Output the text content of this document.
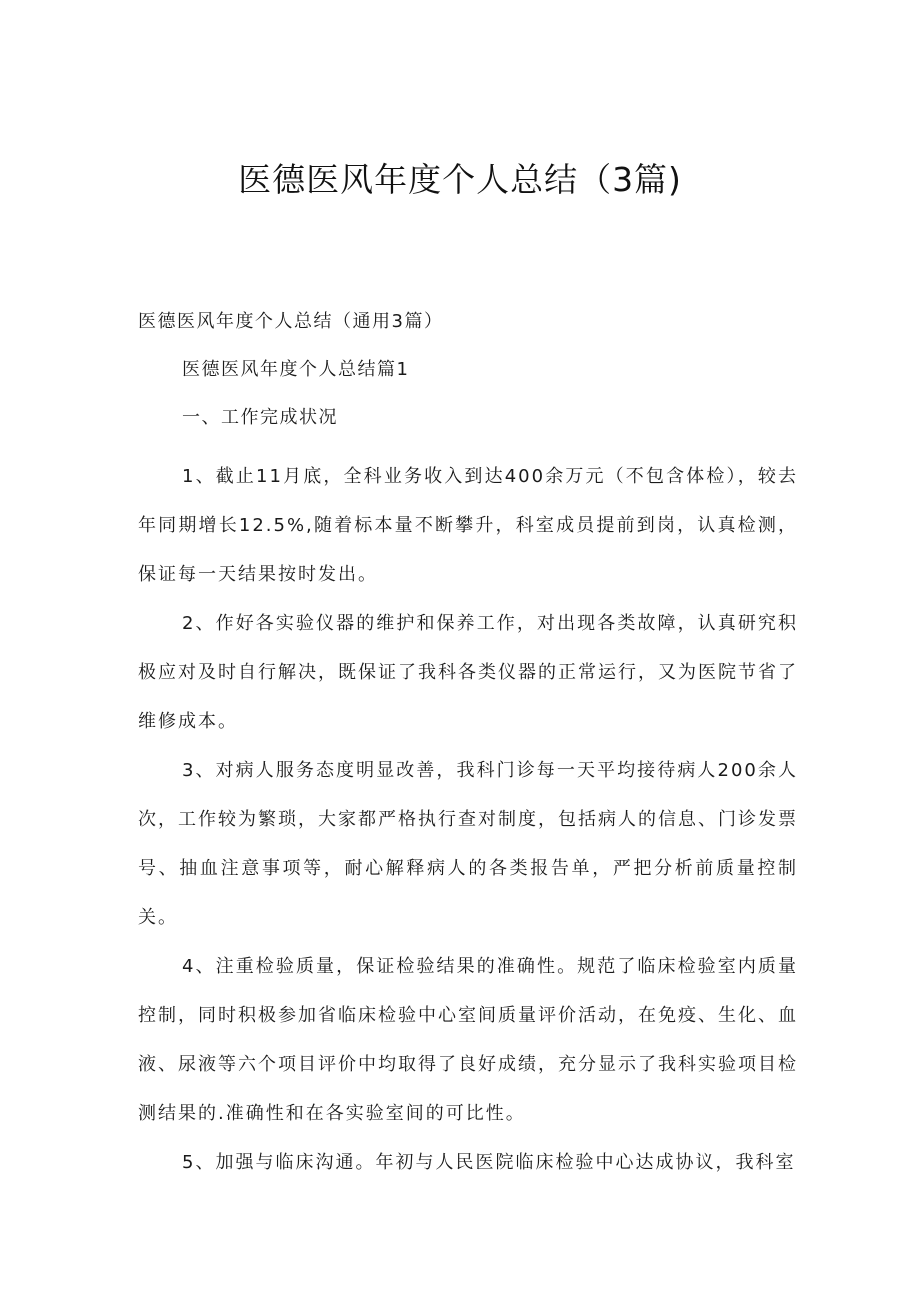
医德医风年度个人总结（3篇)
医德医风年度个人总结（通用3篇）
医德医风年度个人总结篇1
一、工作完成状况

1、截止11月底，全科业务收入到达400余万元（不包含体检），较去年同期增长12.5%,随着标本量不断攀升，科室成员提前到岗，认真检测，保证每一天结果按时发出。

2、作好各实验仪器的维护和保养工作，对出现各类故障，认真研究积极应对及时自行解决，既保证了我科各类仪器的正常运行，又为医院节省了维修成本。

3、对病人服务态度明显改善，我科门诊每一天平均接待病人200余人次，工作较为繁琐，大家都严格执行查对制度，包括病人的信息、门诊发票号、抽血注意事项等，耐心解释病人的各类报告单，严把分析前质量控制关。

4、注重检验质量，保证检验结果的准确性。规范了临床检验室内质量控制，同时积极参加省临床检验中心室间质量评价活动，在免疫、生化、血液、尿液等六个项目评价中均取得了良好成绩，充分显示了我科实验项目检测结果的.准确性和在各实验室间的可比性。

5、加强与临床沟通。年初与人民医院临床检验中心达成协议，我科室
